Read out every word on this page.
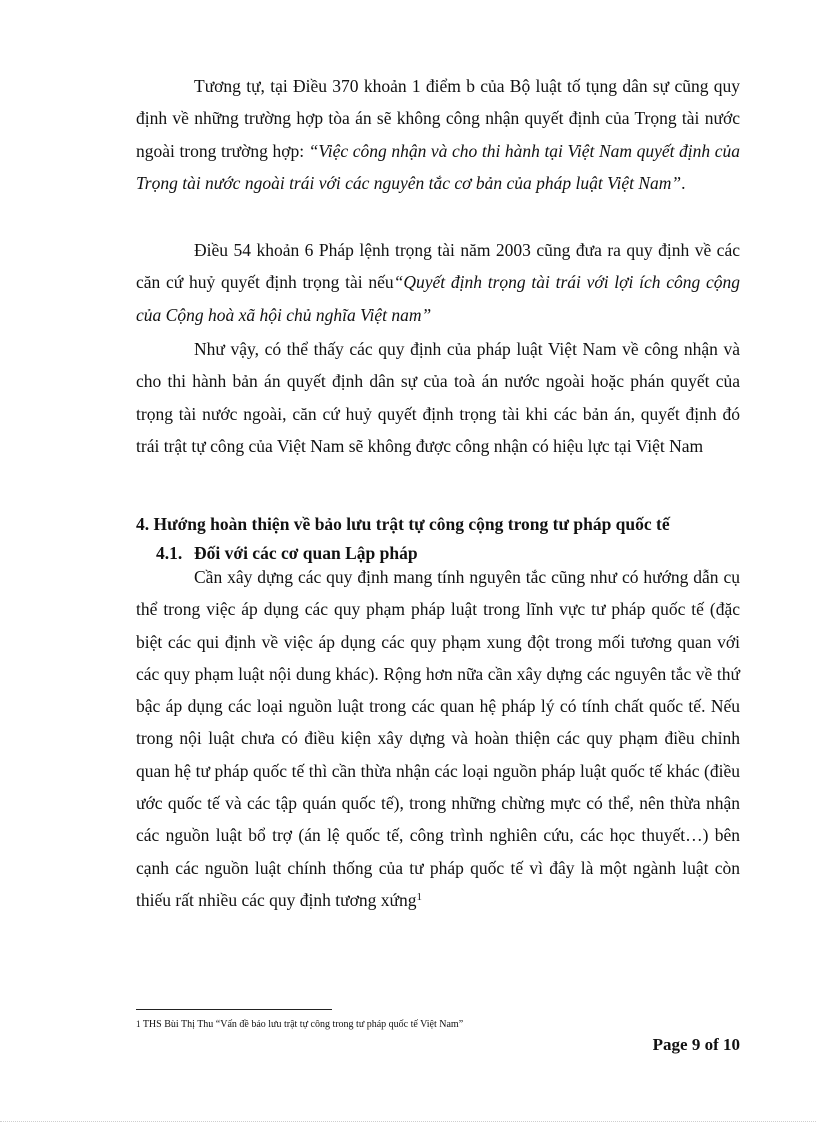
Tương tự, tại Điều 370 khoản 1 điểm b của Bộ luật tố tụng dân sự cũng quy định về những trường hợp tòa án sẽ không công nhận quyết định của Trọng tài nước ngoài trong trường hợp: “Việc công nhận và cho thi hành tại Việt Nam quyết định của Trọng tài nước ngoài trái với các nguyên tắc cơ bản của pháp luật Việt Nam”.

Điều 54 khoản 6 Pháp lệnh trọng tài năm 2003 cũng đưa ra quy định về các căn cứ huỷ quyết định trọng tài nếu“Quyết định trọng tài trái với lợi ích công cộng của Cộng hoà xã hội chủ nghĩa Việt nam”

Như vậy, có thể thấy các quy định của pháp luật Việt Nam về công nhận và cho thi hành bản án quyết định dân sự của toà án nước ngoài hoặc phán quyết của trọng tài nước ngoài, căn cứ huỷ quyết định trọng tài khi các bản án, quyết định đó trái trật tự công của Việt Nam sẽ không được công nhận có hiệu lực tại Việt Nam

4. Hướng hoàn thiện về bảo lưu trật tự công cộng trong tư pháp quốc tế

4.1. Đối với các cơ quan Lập pháp

Cần xây dựng các quy định mang tính nguyên tắc cũng như có hướng dẫn cụ thể trong việc áp dụng các quy phạm pháp luật trong lĩnh vực tư pháp quốc tế (đặc biệt các qui định về việc áp dụng các quy phạm xung đột trong mối tương quan với các quy phạm luật nội dung khác). Rộng hơn nữa cần xây dựng các nguyên tắc về thứ bậc áp dụng các loại nguồn luật trong các quan hệ pháp lý có tính chất quốc tế. Nếu trong nội luật chưa có điều kiện xây dựng và hoàn thiện các quy phạm điều chỉnh quan hệ tư pháp quốc tế thì cần thừa nhận các loại nguồn pháp luật quốc tế khác (điều ước quốc tế và các tập quán quốc tế), trong những chừng mực có thể, nên thừa nhận các nguồn luật bổ trợ (án lệ quốc tế, công trình nghiên cứu, các học thuyết…) bên cạnh các nguồn luật chính thống của tư pháp quốc tế vì đây là một ngành luật còn thiếu rất nhiều các quy định tương xứng$^1$

1 THS Bùi Thị Thu “Vấn đề bảo lưu trật tự công trong tư pháp quốc tế Việt Nam”

Page 9 of 10
